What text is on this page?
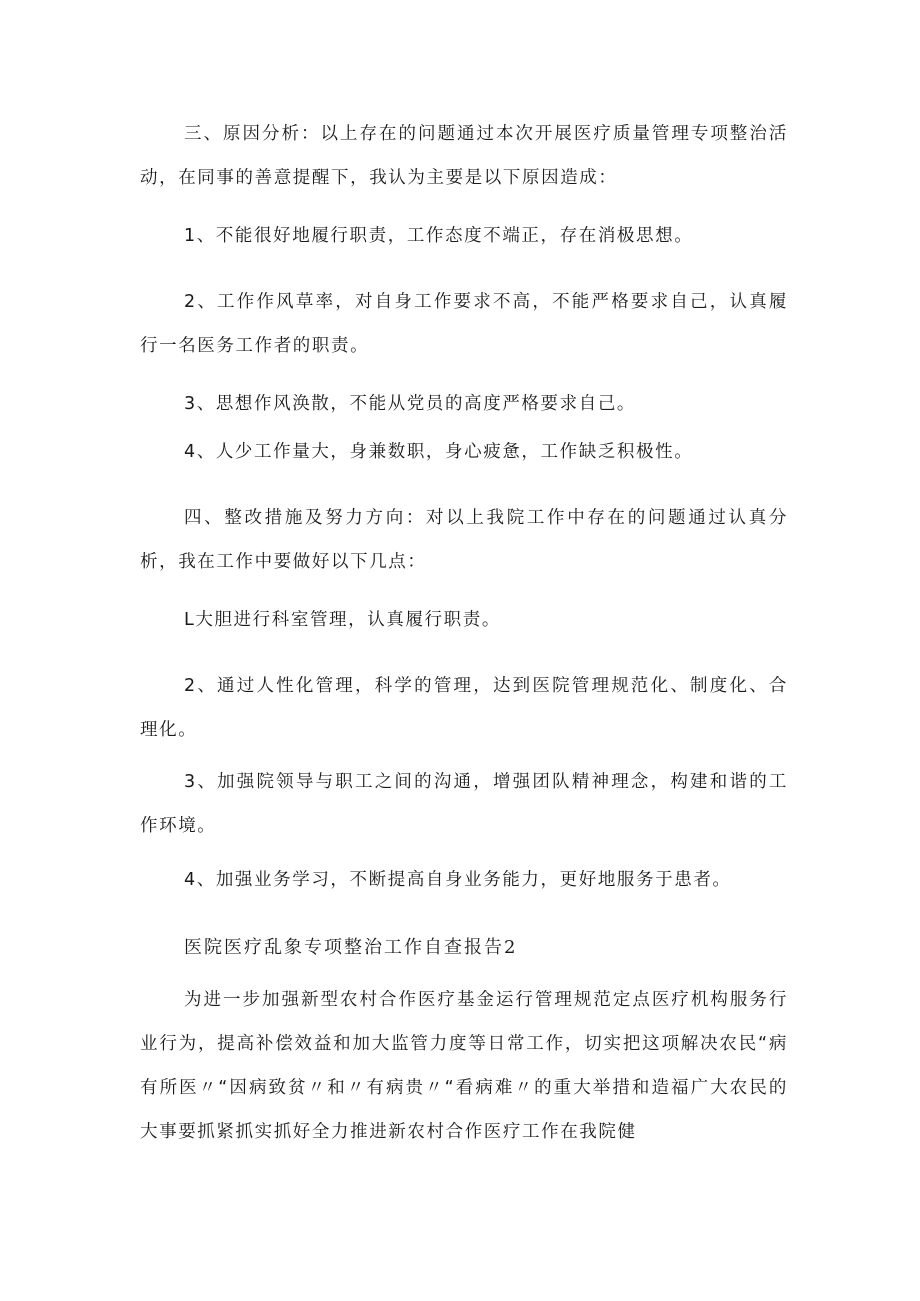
三、原因分析：以上存在的问题通过本次开展医疗质量管理专项整治活动，在同事的善意提醒下，我认为主要是以下原因造成：

1、不能很好地履行职责，工作态度不端正，存在消极思想。

2、工作作风草率，对自身工作要求不高，不能严格要求自己，认真履行一名医务工作者的职责。

3、思想作风涣散，不能从党员的高度严格要求自己。

4、人少工作量大，身兼数职，身心疲惫，工作缺乏积极性。

四、整改措施及努力方向：对以上我院工作中存在的问题通过认真分析，我在工作中要做好以下几点：

L大胆进行科室管理，认真履行职责。

2、通过人性化管理，科学的管理，达到医院管理规范化、制度化、合理化。

3、加强院领导与职工之间的沟通，增强团队精神理念，构建和谐的工作环境。

4、加强业务学习，不断提高自身业务能力，更好地服务于患者。

医院医疗乱象专项整治工作自查报告2

为进一步加强新型农村合作医疗基金运行管理规范定点医疗机构服务行业行为，提高补偿效益和加大监管力度等日常工作，切实把这项解决农民“病有所医〃“因病致贫〃和〃有病贵〃“看病难〃的重大举措和造福广大农民的大事要抓紧抓实抓好全力推进新农村合作医疗工作在我院健
